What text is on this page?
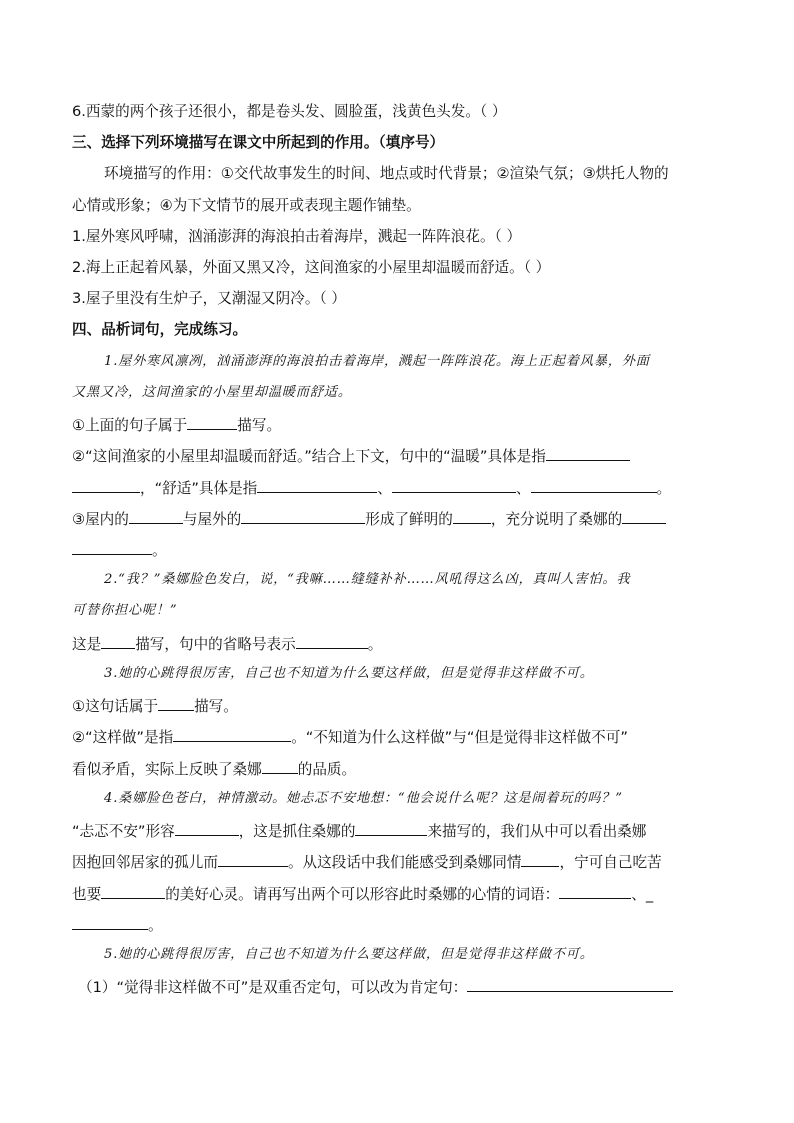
6.西蒙的两个孩子还很小，都是卷头发、圆脸蛋，浅黄色头发。（ ）
三、选择下列环境描写在课文中所起到的作用。（填序号）
环境描写的作用：①交代故事发生的时间、地点或时代背景；②渲染气氛；③烘托人物的
心情或形象；④为下文情节的展开或表现主题作铺垫。
1.屋外寒风呼啸，汹涌澎湃的海浪拍击着海岸，溅起一阵阵浪花。（ ）
2.海上正起着风暴，外面又黑又冷，这间渔家的小屋里却温暖而舒适。（ ）
3.屋子里没有生炉子，又潮湿又阴冷。（ ）
四、品析词句，完成练习。
1.屋外寒风凛冽，汹涌澎湃的海浪拍击着海岸，溅起一阵阵浪花。海上正起着风暴，外面
又黑又冷，这间渔家的小屋里却温暖而舒适。
①上面的句子属于	描写。
②“这间渔家的小屋里却温暖而舒适。”结合上下文，句中的“温暖”具体是指
，“舒适”具体是指	、	、	。
③屋内的	与屋外的	形成了鲜明的	，充分说明了桑娜的
。
2.“我？”桑娜脸色发白，说，“我嘛……缝缝补补……风吼得这么凶，真叫人害怕。我
可替你担心呢！”
这是 描写，句中的省略号表示	。
3.她的心跳得很厉害，自己也不知道为什么要这样做，但是觉得非这样做不可。
①这句话属于 描写。
②“这样做”是指	。“不知道为什么这样做”与“但是觉得非这样做不可”
看似矛盾，实际上反映了桑娜 的品质。
4.桑娜脸色苍白，神情激动。她忐忑不安地想：“他会说什么呢？这是闹着玩的吗？”
“忐忑不安”形容	，这是抓住桑娜的	来描写的，我们从中可以看出桑娜
因抱回邻居家的孤儿而	。从这段话中我们能感受到桑娜同情	，宁可自己吃苦
也要	的美好心灵。请再写出两个可以形容此时桑娜的心情的词语：	、_
。
5.她的心跳得很厉害，自己也不知道为什么要这样做，但是觉得非这样做不可。
（1）“觉得非这样做不可”是双重否定句，可以改为肯定句：
